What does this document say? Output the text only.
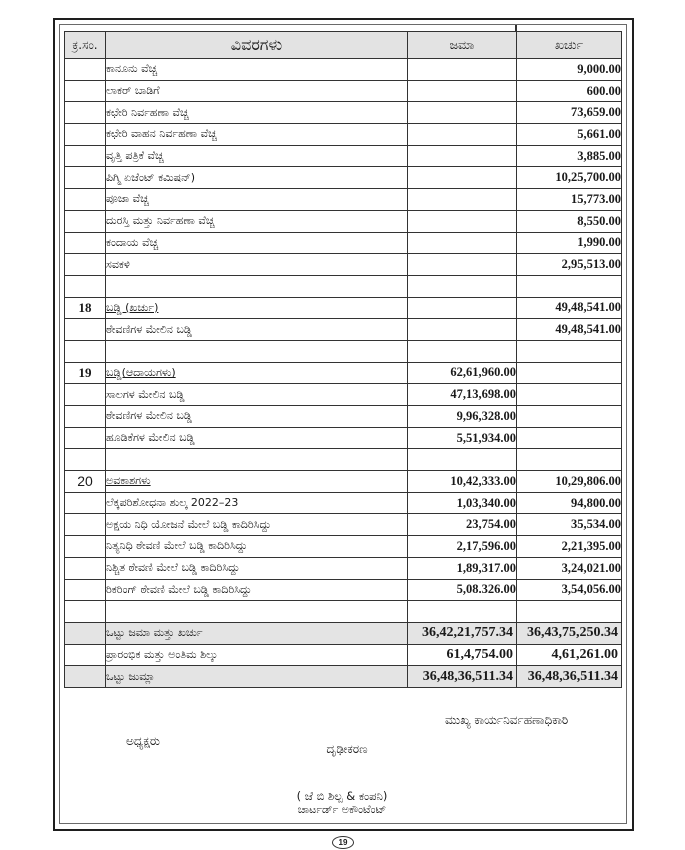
ಕ್ರ.ಸಂ.	ವಿವರಗಳು	ಜಮಾ	ಖರ್ಚು
	ಕಾನೂನು ವೆಚ್ಚ		9,000.00
	ಲಾಕರ್ ಬಾಡಿಗೆ		600.00
	ಕಛೇರಿ ನಿರ್ವಹಣಾ ವೆಚ್ಚ		73,659.00
	ಕಛೇರಿ ವಾಹನ ನಿರ್ವಹಣಾ ವೆಚ್ಚ		5,661.00
	ವೃತ್ತಿ ಪತ್ರಿಕೆ ವೆಚ್ಚ		3,885.00
	ಪಿಗ್ಮಿ ಏಜೆಂಟ್ ಕಮಿಷನ್)		10,25,700.00
	ಪೂಜಾ ವೆಚ್ಚ		15,773.00
	ದುರಸ್ತಿ ಮತ್ತು ನಿರ್ವಹಣಾ ವೆಚ್ಚ		8,550.00
	ಕಂದಾಯ ವೆಚ್ಚ		1,990.00
	ಸವಕಳಿ		2,95,513.00

18	ಬಡ್ಡಿ (ಖರ್ಚು)		49,48,541.00
	ಠೇವಣಿಗಳ ಮೇಲಿನ ಬಡ್ಡಿ		49,48,541.00

19	ಬಡ್ಡಿ(ಆದಾಯಗಳು)	62,61,960.00	
	ಸಾಲಗಳ ಮೇಲಿನ ಬಡ್ಡಿ	47,13,698.00	
	ಠೇವಣಿಗಳ ಮೇಲಿನ ಬಡ್ಡಿ	9,96,328.00	
	ಹೂಡಿಕೆಗಳ ಮೇಲಿನ ಬಡ್ಡಿ	5,51,934.00	

20	ಅವಕಾಶಗಳು	10,42,333.00	10,29,806.00
	ಲೆಕ್ಕಪರಿಶೋಧನಾ ಶುಲ್ಕ 2022–23	1,03,340.00	94,800.00
	ಅಕ್ಷಯ ನಿಧಿ ಯೋಜನೆ ಮೇಲೆ ಬಡ್ಡಿ ಕಾದಿರಿಸಿದ್ದು	23,754.00	35,534.00
	ನಿತ್ಯನಿಧಿ ಠೇವಣಿ ಮೇಲೆ ಬಡ್ಡಿ ಕಾದಿರಿಸಿದ್ದು	2,17,596.00	2,21,395.00
	ನಿಶ್ಚಿತ ಠೇವಣಿ ಮೇಲೆ ಬಡ್ಡಿ ಕಾದಿರಿಸಿದ್ದು	1,89,317.00	3,24,021.00
	ರಿಕರಿಂಗ್ ಠೇವಣಿ ಮೇಲೆ ಬಡ್ಡಿ ಕಾದಿರಿಸಿದ್ದು	5,08.326.00	3,54,056.00

	ಒಟ್ಟು ಜಮಾ ಮತ್ತು ಖರ್ಚು	36,42,21,757.34	36,43,75,250.34
	ಪ್ರಾರಂಭಿಕ ಮತ್ತು ಅಂತಿಮ ಶಿಲ್ಕು	61,4,754.00	4,61,261.00
	ಒಟ್ಟು ಜುಮ್ಲಾ	36,48,36,511.34	36,48,36,511.34
ಮುಖ್ಯ ಕಾರ್ಯನಿರ್ವಹಣಾಧಿಕಾರಿ
ಅಧ್ಯಕ್ಷರು
ದೃಢೀಕರಣ
( ಜೆ ಬಿ ಶಿಲ್ಪ & ಕಂಪನಿ)
ಚಾರ್ಟರ್ಡ್ ಅಕೌಂಟೆಂಟ್
19
